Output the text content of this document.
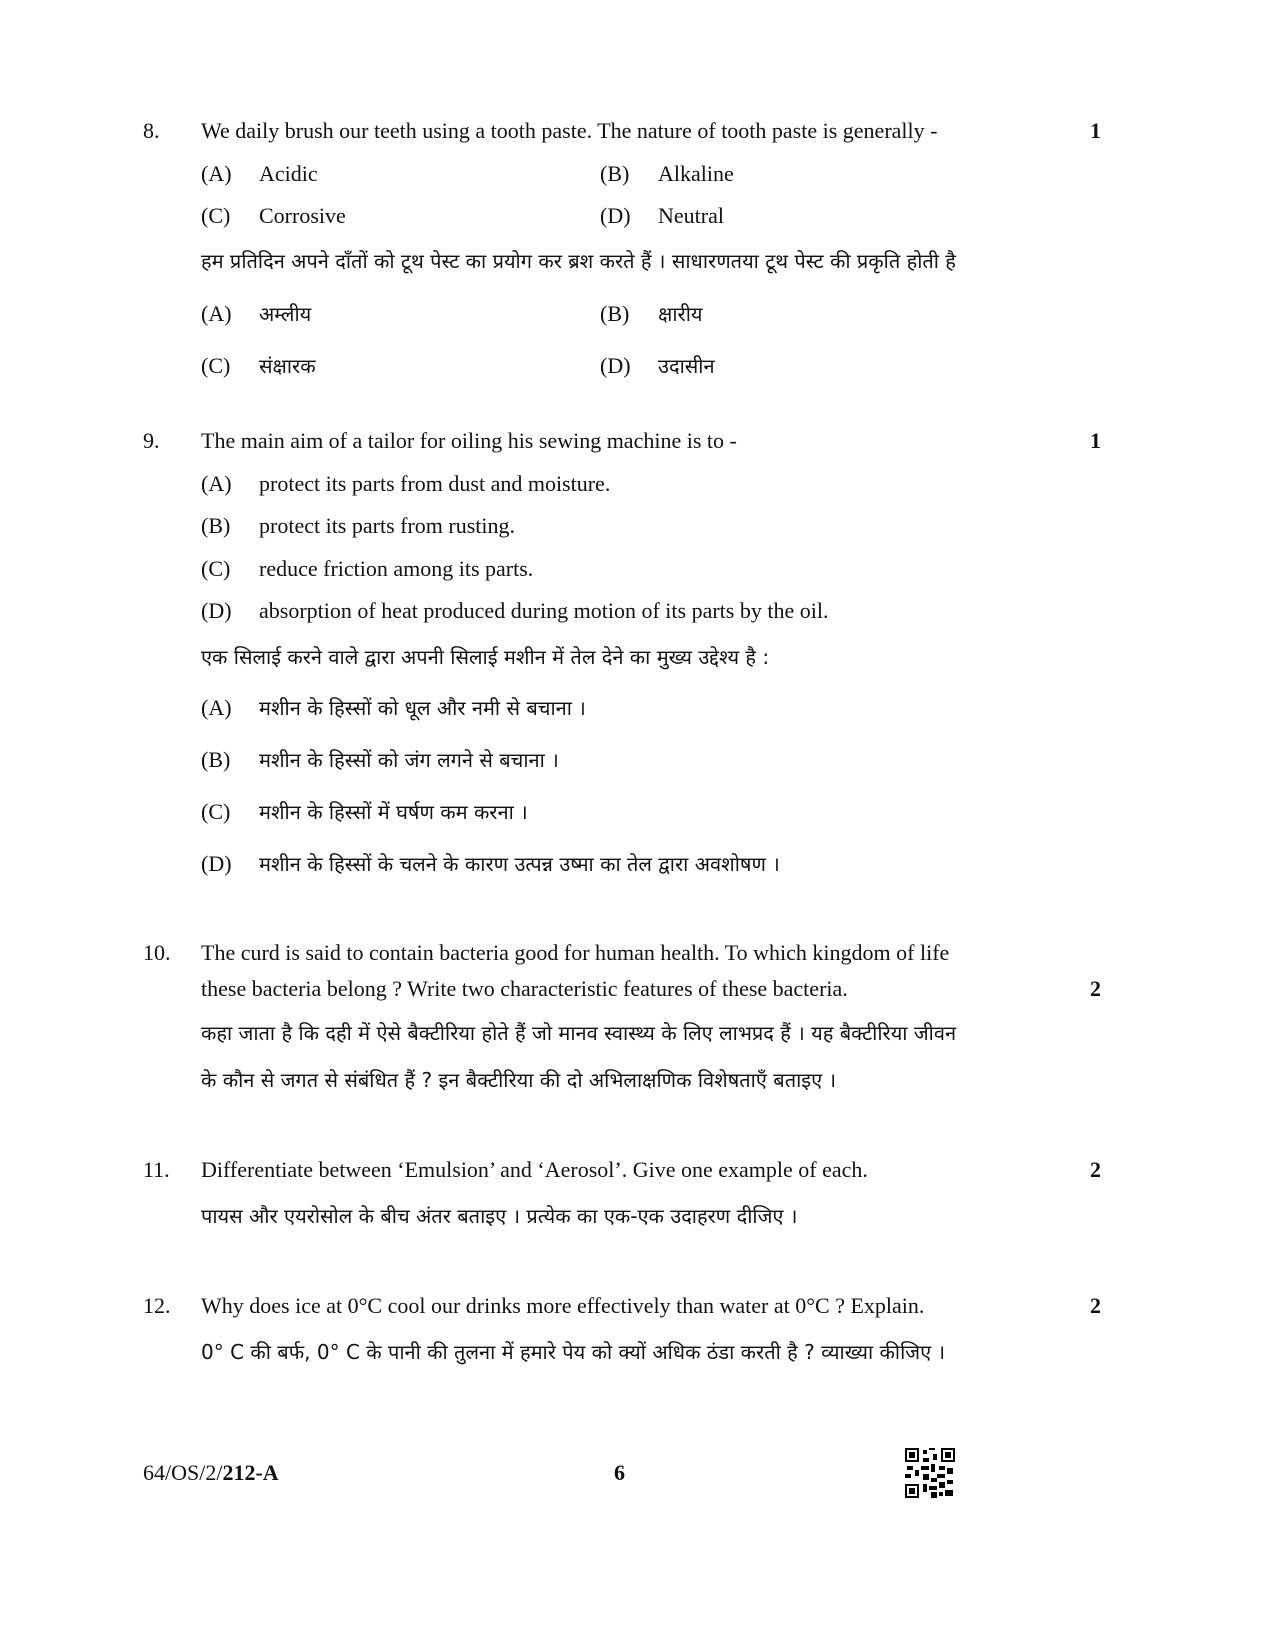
8. We daily brush our teeth using a tooth paste. The nature of tooth paste is generally -	1
(A) Acidic	(B) Alkaline
(C) Corrosive	(D) Neutral
हम प्रतिदिन अपने दाँतों को टूथ पेस्ट का प्रयोग कर ब्रश करते हैं । साधारणतया टूथ पेस्ट की प्रकृति होती है
(A) अम्लीय	(B) क्षारीय
(C) संक्षारक	(D) उदासीन
9. The main aim of a tailor for oiling his sewing machine is to -	1
(A) protect its parts from dust and moisture.
(B) protect its parts from rusting.
(C) reduce friction among its parts.
(D) absorption of heat produced during motion of its parts by the oil.
एक सिलाई करने वाले द्वारा अपनी सिलाई मशीन में तेल देने का मुख्य उद्देश्य है :
(A) मशीन के हिस्सों को धूल और नमी से बचाना ।
(B) मशीन के हिस्सों को जंग लगने से बचाना ।
(C) मशीन के हिस्सों में घर्षण कम करना ।
(D) मशीन के हिस्सों के चलने के कारण उत्पन्न उष्मा का तेल द्वारा अवशोषण ।
10. The curd is said to contain bacteria good for human health. To which kingdom of life
these bacteria belong ? Write two characteristic features of these bacteria.	2
कहा जाता है कि दही में ऐसे बैक्टीरिया होते हैं जो मानव स्वास्थ्य के लिए लाभप्रद हैं । यह बैक्टीरिया जीवन
के कौन से जगत से संबंधित हैं ? इन बैक्टीरिया की दो अभिलाक्षणिक विशेषताएँ बताइए ।
11. Differentiate between ‘Emulsion’ and ‘Aerosol’. Give one example of each.	2
पायस और एयरोसोल के बीच अंतर बताइए । प्रत्येक का एक-एक उदाहरण दीजिए ।
12. Why does ice at 0°C cool our drinks more effectively than water at 0°C ? Explain.	2
0° C की बर्फ, 0° C के पानी की तुलना में हमारे पेय को क्यों अधिक ठंडा करती है ? व्याख्या कीजिए ।
64/OS/2/212-A	6
